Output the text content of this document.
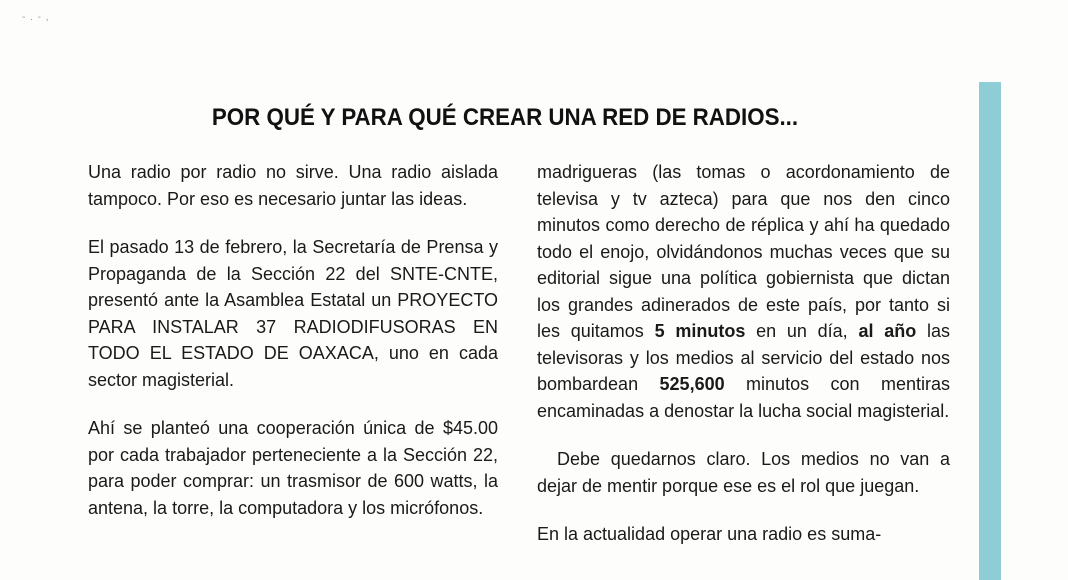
- . - ,
POR QUÉ Y PARA QUÉ CREAR UNA RED DE RADIOS...

Una radio por radio no sirve. Una radio aislada tampoco. Por eso es necesario juntar las ideas.

El pasado 13 de febrero, la Secretaría de Prensa y Propaganda de la Sección 22 del SNTE-CNTE, presentó ante la Asamblea Estatal un PROYECTO PARA INSTALAR 37 RADIODIFUSORAS EN TODO EL ESTADO DE OAXACA, uno en cada sector magisterial.

Ahí se planteó una cooperación única de $45.00 por cada trabajador perteneciente a la Sección 22, para poder comprar: un trasmisor de 600 watts, la antena, la torre, la computadora y los micrófonos.

madrigueras (las tomas o acordonamiento de televisa y tv azteca) para que nos den cinco minutos como derecho de réplica y ahí ha quedado todo el enojo, olvidándonos muchas veces que su editorial sigue una política gobiernista que dictan los grandes adinerados de este país, por tanto si les quitamos 5 minutos en un día, al año las televisoras y los medios al servicio del estado nos bombardean 525,600 minutos con mentiras encaminadas a denostar la lucha social magisterial.

Debe quedarnos claro. Los medios no van a dejar de mentir porque ese es el rol que juegan.

En la actualidad operar una radio es suma-
